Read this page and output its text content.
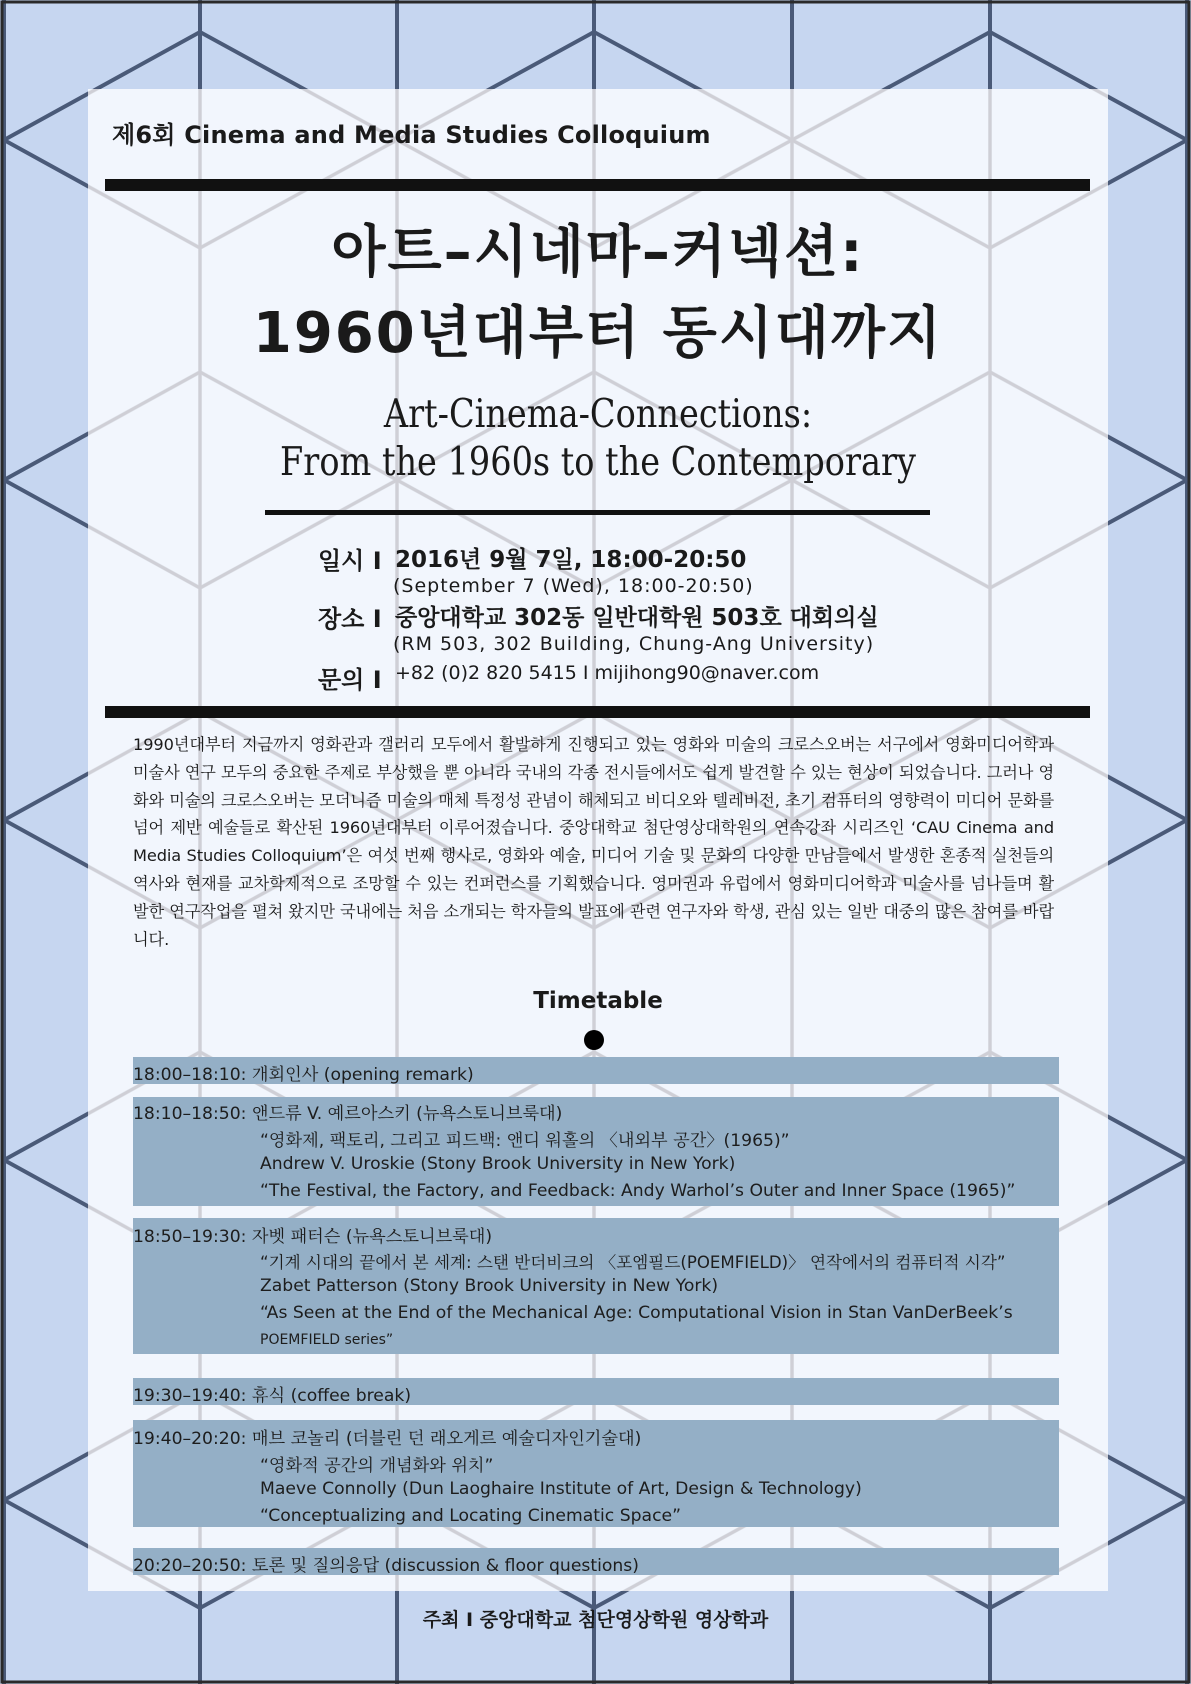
제6회 Cinema and Media Studies Colloquium
아트–시네마–커넥션:
1960년대부터 동시대까지
Art-Cinema-Connections:
From the 1960s to the Contemporary
일시 I 2016년 9월 7일, 18:00-20:50
(September 7 (Wed), 18:00-20:50)
장소 I 중앙대학교 302동 일반대학원 503호 대회의실
(RM 503, 302 Building, Chung-Ang University)
문의 I +82 (0)2 820 5415 I mijihong90@naver.com
1990년대부터 지금까지 영화관과 갤러리 모두에서 활발하게 진행되고 있는 영화와 미술의 크로스오버는 서구에서 영화미디어학과 미술사 연구 모두의 중요한 주제로 부상했을 뿐 아니라 국내의 각종 전시들에서도 쉽게 발견할 수 있는 현상이 되었습니다. 그러나 영화와 미술의 크로스오버는 모더니즘 미술의 매체 특정성 관념이 해체되고 비디오와 텔레비전, 초기 컴퓨터의 영향력이 미디어 문화를 넘어 제반 예술들로 확산된 1960년대부터 이루어졌습니다. 중앙대학교 첨단영상대학원의 연속강좌 시리즈인 ‘CAU Cinema and Media Studies Colloquium’은 여섯 번째 행사로, 영화와 예술, 미디어 기술 및 문화의 다양한 만남들에서 발생한 혼종적 실천들의 역사와 현재를 교차학제적으로 조망할 수 있는 컨퍼런스를 기획했습니다. 영미권과 유럽에서 영화미디어학과 미술사를 넘나들며 활발한 연구작업을 펼쳐 왔지만 국내에는 처음 소개되는 학자들의 발표에 관련 연구자와 학생, 관심 있는 일반 대중의 많은 참여를 바랍니다.
Timetable
18:00–18:10: 개회인사 (opening remark)
18:10–18:50: 앤드류 V. 예르아스키 (뉴욕스토니브룩대)
“영화제, 팩토리, 그리고 피드백: 앤디 워홀의 〈내외부 공간〉(1965)”
Andrew V. Uroskie (Stony Brook University in New York)
“The Festival, the Factory, and Feedback: Andy Warhol’s Outer and Inner Space (1965)”
18:50–19:30: 자벳 패터슨 (뉴욕스토니브룩대)
“기계 시대의 끝에서 본 세계: 스탠 반더비크의 〈포엠필드(POEMFIELD)〉 연작에서의 컴퓨터적 시각”
Zabet Patterson (Stony Brook University in New York)
“As Seen at the End of the Mechanical Age: Computational Vision in Stan VanDerBeek’s
POEMFIELD series”
19:30–19:40: 휴식 (coffee break)
19:40–20:20: 매브 코놀리 (더블린 던 래오게르 예술디자인기술대)
“영화적 공간의 개념화와 위치”
Maeve Connolly (Dun Laoghaire Institute of Art, Design & Technology)
“Conceptualizing and Locating Cinematic Space”
20:20–20:50: 토론 및 질의응답 (discussion & floor questions)
주최 I 중앙대학교 첨단영상학원 영상학과
